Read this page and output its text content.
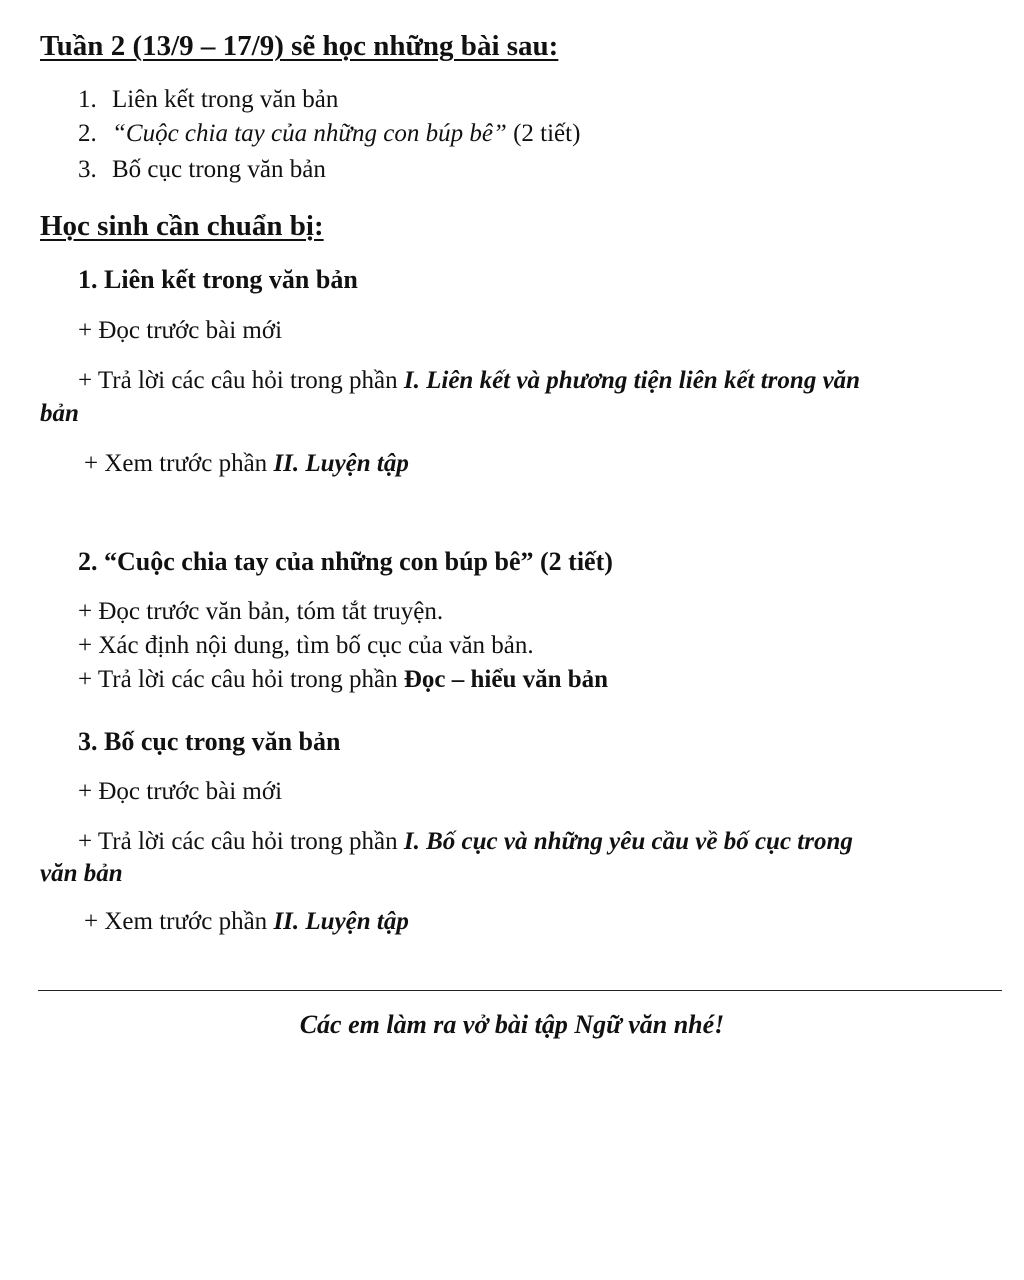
Tuần 2 (13/9 – 17/9) sẽ học những bài sau:
1. Liên kết trong văn bản
2. “Cuộc chia tay của những con búp bê” (2 tiết)
3. Bố cục trong văn bản
Học sinh cần chuẩn bị:
1. Liên kết trong văn bản
+ Đọc trước bài mới
+ Trả lời các câu hỏi trong phần I. Liên kết và phương tiện liên kết trong văn
bản
+ Xem trước phần II. Luyện tập
2. “Cuộc chia tay của những con búp bê” (2 tiết)
+ Đọc trước văn bản, tóm tắt truyện.
+ Xác định nội dung, tìm bố cục của văn bản.
+ Trả lời các câu hỏi trong phần Đọc – hiểu văn bản
3. Bố cục trong văn bản
+ Đọc trước bài mới
+ Trả lời các câu hỏi trong phần I. Bố cục và những yêu cầu về bố cục trong
văn bản
+ Xem trước phần II. Luyện tập
Các em làm ra vở bài tập Ngữ văn nhé!
